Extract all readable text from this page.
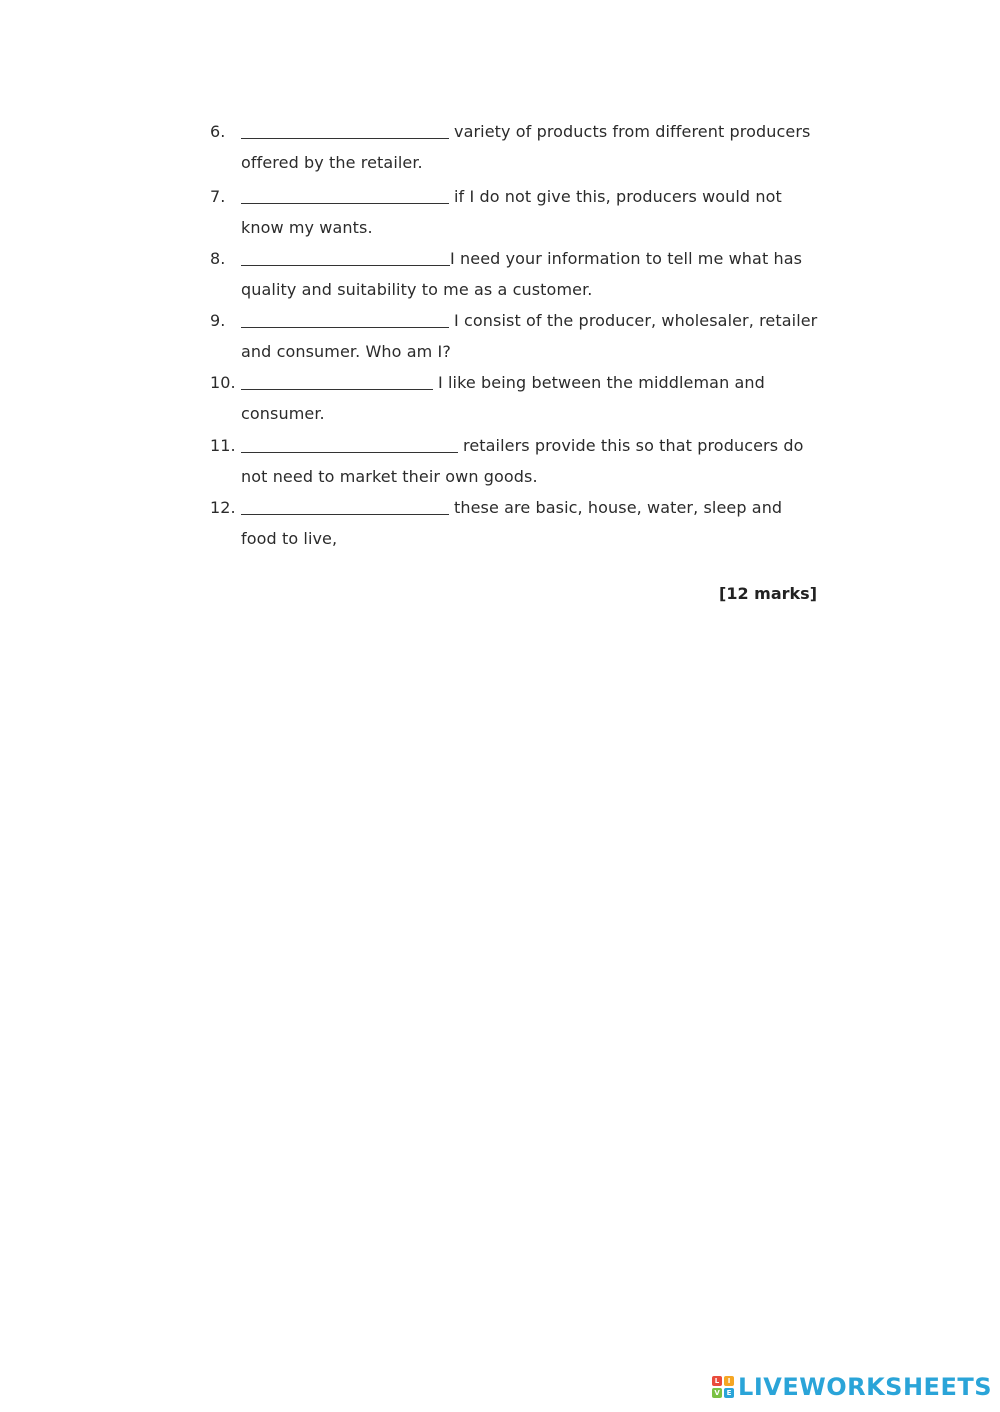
6.	variety of products from different producers
offered by the retailer.
7.	if I do not give this, producers would not
know my wants.
8.	I need your information to tell me what has
quality and suitability to me as a customer.
9.	I consist of the producer, wholesaler, retailer
and consumer. Who am I?
10.	I like being between the middleman and
consumer.
11.	retailers provide this so that producers do
not need to market their own goods.
12.	these are basic, house, water, sleep and
food to live,
[12 marks]
L	I
V E LIVEWORKSHEETS
